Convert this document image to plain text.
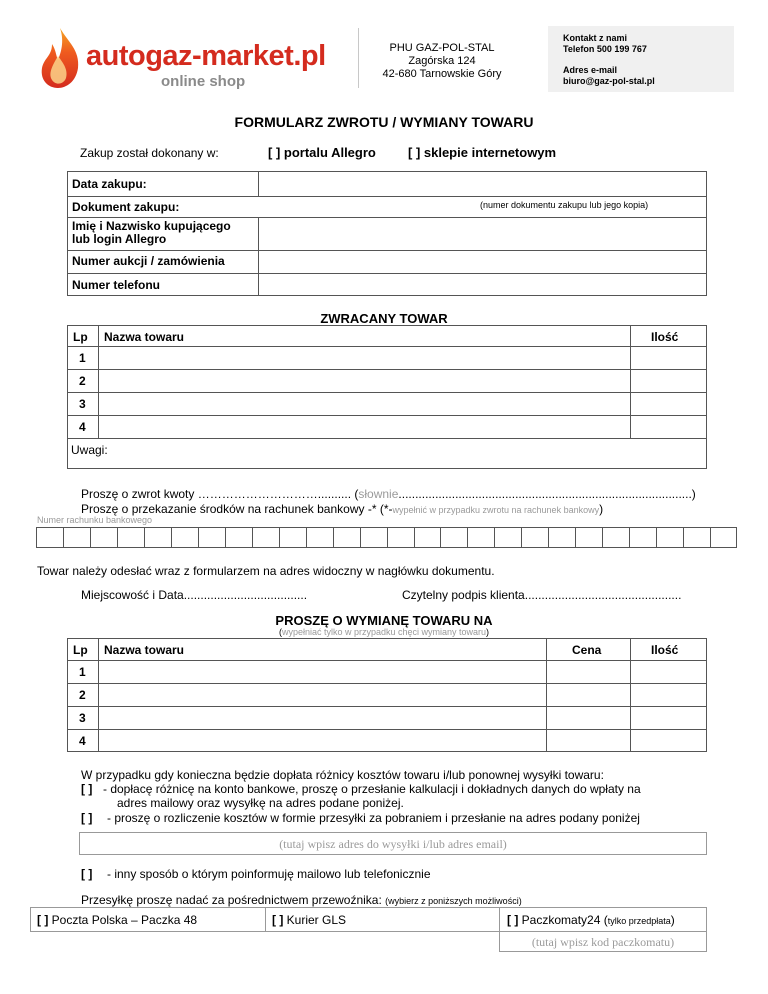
autogaz-market.pl
online shop
PHU GAZ-POL-STAL
Zagórska 124
42-680 Tarnowskie Góry
Kontakt z nami
Telefon 500 199 767
Adres e-mail
biuro@gaz-pol-stal.pl
FORMULARZ ZWROTU / WYMIANY TOWARU
Zakup został dokonany w:	[ ] portalu Allegro [ ] sklepie internetowym
Data zakupu:
Dokument zakupu:	(numer dokumentu zakupu lub jego kopia)
Imię i Nazwisko kupującego
lub login Allegro
Numer aukcji / zamówienia
Numer telefonu
ZWRACANY TOWAR
Lp Nazwa towaru	Ilość
1
2
3
4
Uwagi:
Proszę o zwrot kwoty ………………………….......... (słownie........................................................................................)
Proszę o przekazanie środków na rachunek bankowy -* (*-wypełnić w przypadku zwrotu na rachunek bankowy)
Numer rachunku bankowego
Towar należy odesłać wraz z formularzem na adres widoczny w nagłówku dokumentu.
Miejscowość i Data.....................................	Czytelny podpis klienta...............................................
PROSZĘ O WYMIANĘ TOWARU NA
(wypełniać tylko w przypadku chęci wymiany towaru)
Lp Nazwa towaru	Cena	Ilość
1
2
3
4
W przypadku gdy konieczna będzie dopłata różnicy kosztów towaru i/lub ponownej wysyłki towaru:
[ ] - dopłacę różnicę na konto bankowe, proszę o przesłanie kalkulacji i dokładnych danych do wpłaty na
adres mailowy oraz wysyłkę na adres podane poniżej.
[ ] - proszę o rozliczenie kosztów w formie przesyłki za pobraniem i przesłanie na adres podany poniżej
(tutaj wpisz adres do wysyłki i/lub adres email)
[ ] - inny sposób o którym poinformuję mailowo lub telefonicznie
Przesyłkę proszę nadać za pośrednictwem przewoźnika: (wybierz z poniższych możliwości)
[ ] Poczta Polska – Paczka 48	[ ] Kurier GLS	[ ] Paczkomaty24 (tylko przedpłata)
(tutaj wpisz kod paczkomatu)
